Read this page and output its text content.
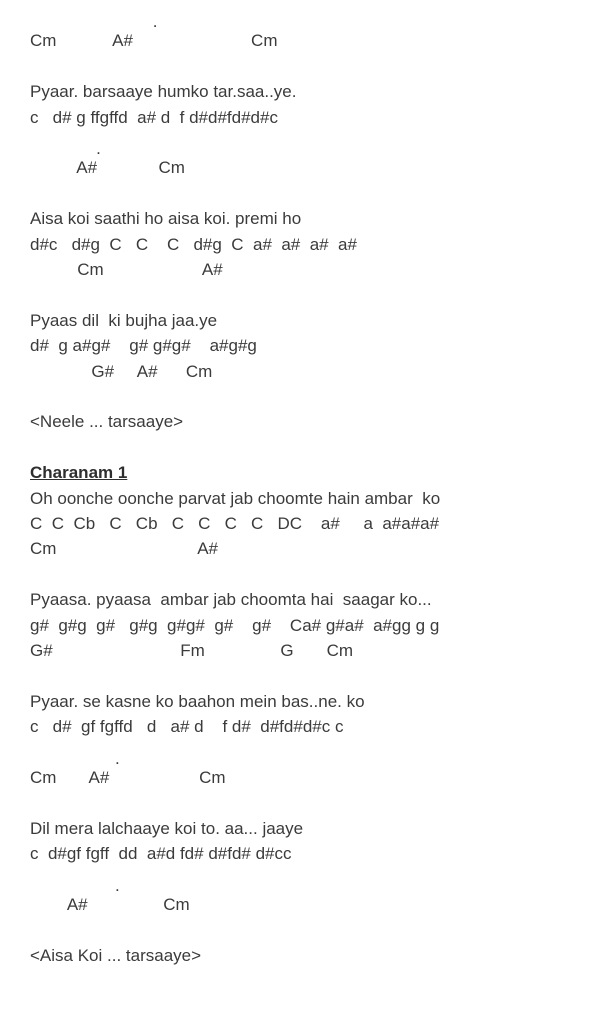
.
Cm            A#                         Cm
Pyaar. barsaaye humko tar.saa..ye.
c   d# g ffgffd  a# d  f d#d#fd#d#c
.
A#             Cm
Aisa koi saathi ho aisa koi. premi ho
d#c   d#g  C   C    C   d#g  C  a#  a#  a#  a#
Cm                     A#
Pyaas dil  ki bujha jaa.ye
d#  g a#g#    g# g#g#    a#g#g
G#     A#      Cm
<Neele ... tarsaaye>
Charanam 1
Oh oonche oonche parvat jab choomte hain ambar  ko
C  C  Cb   C   Cb   C   C   C   C   DC    a#     a  a#a#a#
Cm                              A#
Pyaasa. pyaasa  ambar jab choomta hai  saagar ko...
g#  g#g  g#   g#g  g#g#  g#    g#    Ca# g#a#  a#gg g g
G#                           Fm                G       Cm
Pyaar. se kasne ko baahon mein bas..ne. ko
c   d#  gf fgffd   d   a# d    f d#  d#fd#d#c c
.
Cm       A#                   Cm
Dil mera lalchaaye koi to. aa... jaaye
c  d#gf fgff  dd  a#d fd# d#fd# d#cc
.
A#                Cm
<Aisa Koi ... tarsaaye>
